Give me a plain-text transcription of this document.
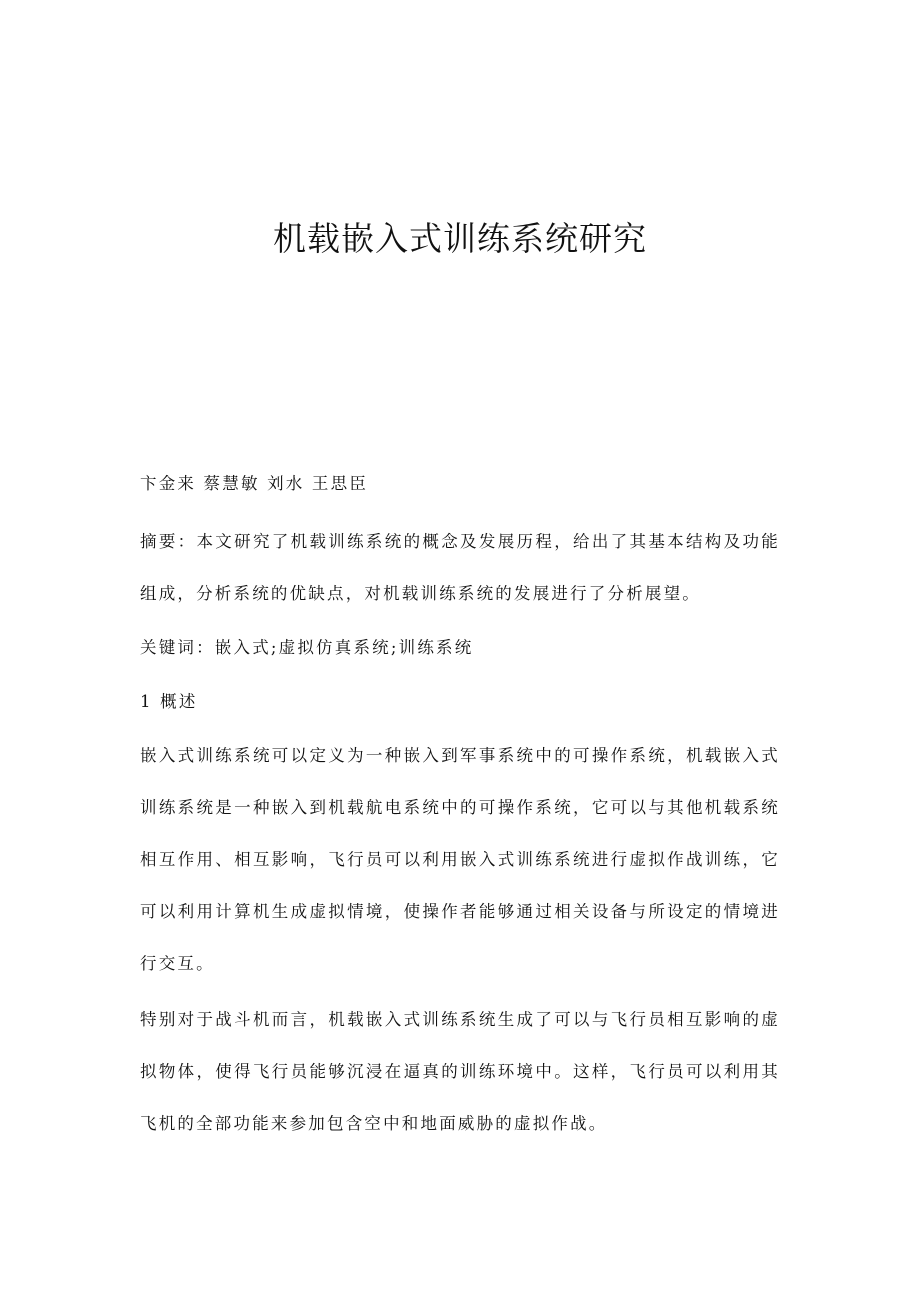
机载嵌入式训练系统研究

卞金来 蔡慧敏 刘水 王思臣

摘要：本文研究了机载训练系统的概念及发展历程，给出了其基本结构及功能组成，分析系统的优缺点，对机载训练系统的发展进行了分析展望。

关键词：嵌入式;虚拟仿真系统;训练系统

1 概述

嵌入式训练系统可以定义为一种嵌入到军事系统中的可操作系统，机载嵌入式训练系统是一种嵌入到机载航电系统中的可操作系统，它可以与其他机载系统相互作用、相互影响，飞行员可以利用嵌入式训练系统进行虚拟作战训练，它可以利用计算机生成虚拟情境，使操作者能够通过相关设备与所设定的情境进行交互。

特别对于战斗机而言，机载嵌入式训练系统生成了可以与飞行员相互影响的虚拟物体，使得飞行员能够沉浸在逼真的训练环境中。这样，飞行员可以利用其飞机的全部功能来参加包含空中和地面威胁的虚拟作战。
